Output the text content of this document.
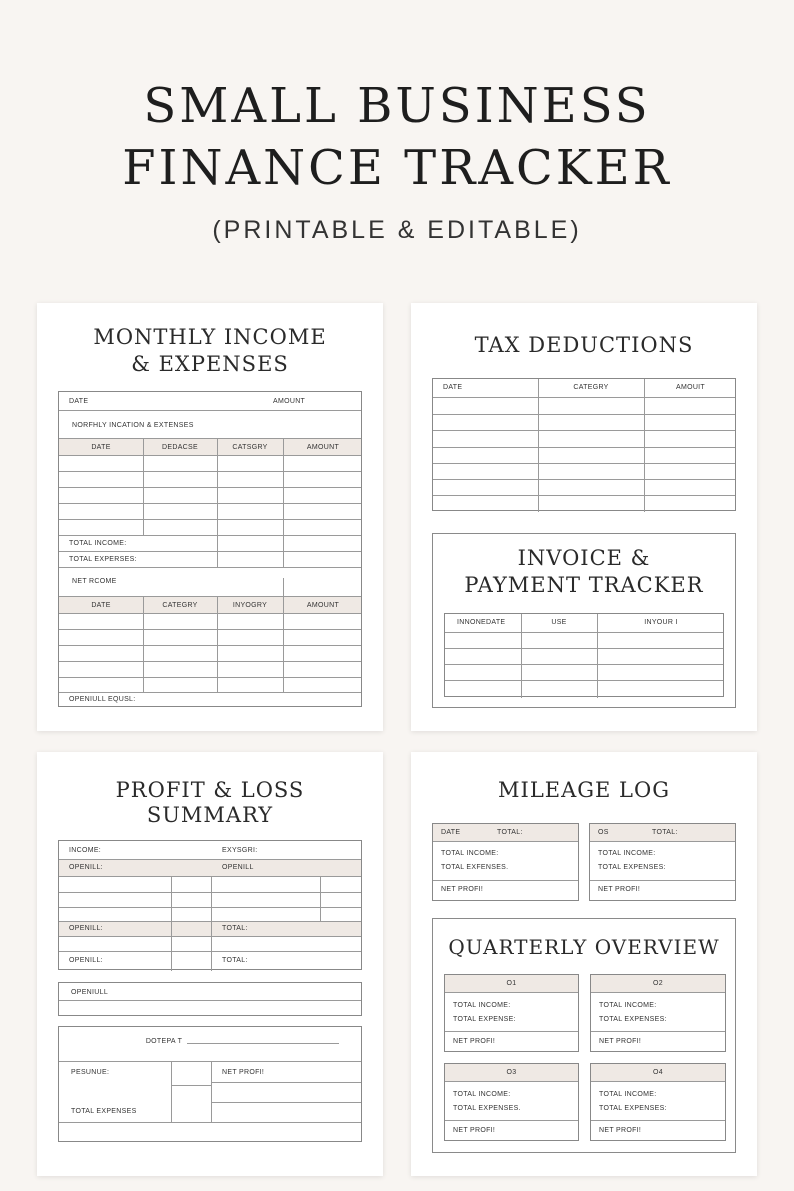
SMALL BUSINESS
FINANCE TRACKER
(PRINTABLE & EDITABLE)
MONTHLY INCOME
& EXPENSES
DATE	AMOUNT
NORFHLY INCATION & EXTENSES
DATE	DEDACSE	CATSGRY	AMOUNT
TOTAL INCOME:
TOTAL EXPERSES:
NET RCOME
DATE	CATEGRY	INYOGRY	AMOUNT
OPENIULL EQUSL:
TAX DEDUCTIONS
DATE	CATEGRY	AMOUIT
INVOICE &
PAYMENT TRACKER
INNONEDATE	USE	INYOUR I
PROFIT & LOSS
SUMMARY
INCOME:	EXYSGRI:
OPENILL:	OPENILL
OPENILL:	TOTAL:
OPENILL:	TOTAL:
OPENIULL
DOTEPA T
PESUNUE:	NET PROFI!
TOTAL EXPENSES
MILEAGE LOG
DATE	TOTAL:
TOTAL INCOME:
TOTAL EXFENSES.
NET PROFI!
OS	TOTAL:
TOTAL INCOME:
TOTAL EXPENSES:
NET PROFI!
QUARTERLY OVERVIEW
O1
TOTAL INCOME:
TOTAL EXPENSE:
NET PROFI!
O2
TOTAL INCOME:
TOTAL EXPENSES:
NET PROFI!
O3
TOTAL INCOME:
TOTAL EXPENSES.
NET PROFI!
O4
TOTAL INCOME:
TOTAL EXPENSES:
NET PROFI!
